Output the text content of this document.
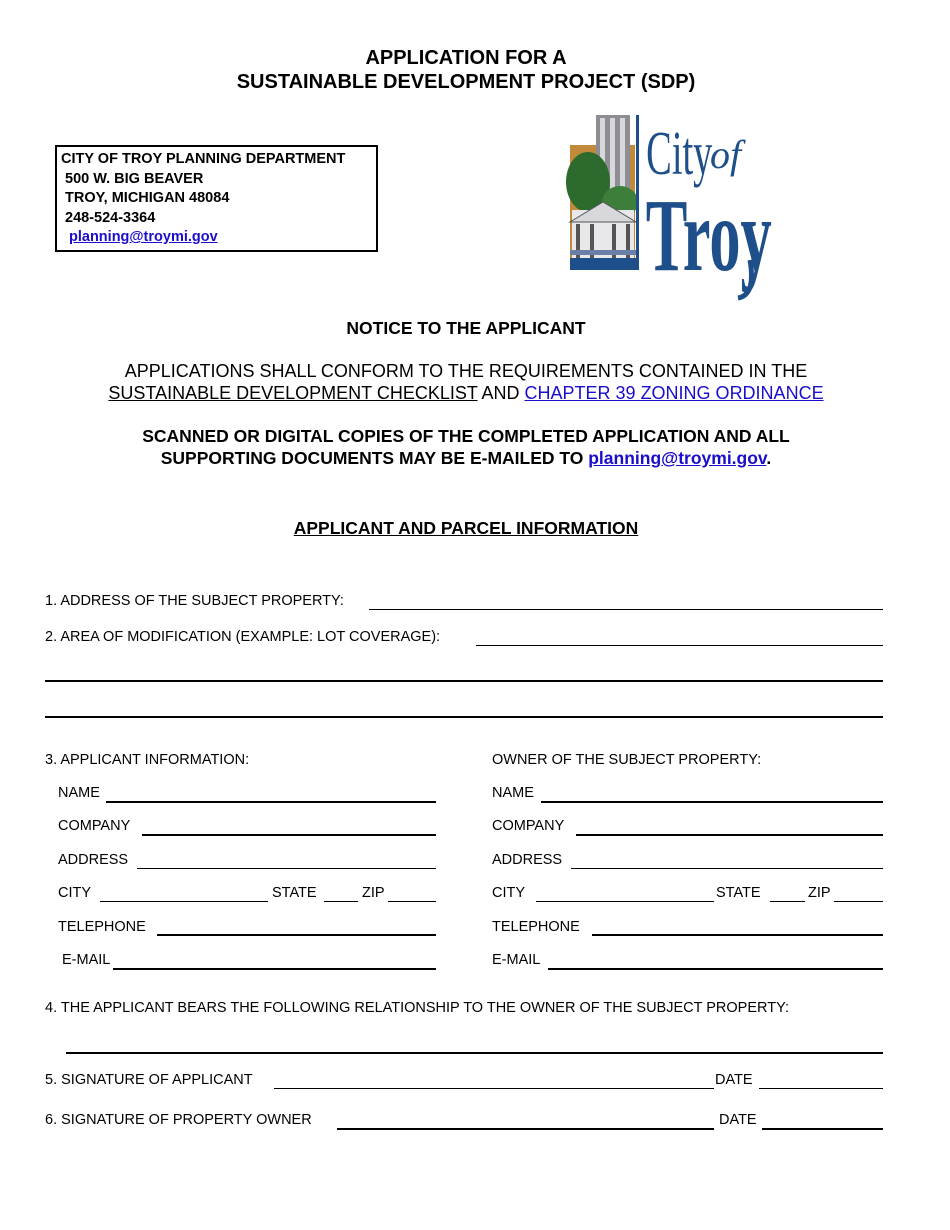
APPLICATION FOR A
SUSTAINABLE DEVELOPMENT PROJECT (SDP)
CITY OF TROY PLANNING DEPARTMENT
500 W. BIG BEAVER
TROY, MICHIGAN 48084
248-524-3364
planning@troymi.gov
City
of
Troy
NOTICE TO THE APPLICANT
APPLICATIONS SHALL CONFORM TO THE REQUIREMENTS CONTAINED IN THE
SUSTAINABLE DEVELOPMENT CHECKLIST AND CHAPTER 39 ZONING ORDINANCE
SCANNED OR DIGITAL COPIES OF THE COMPLETED APPLICATION AND ALL
SUPPORTING DOCUMENTS MAY BE E-MAILED TO planning@troymi.gov.
APPLICANT AND PARCEL INFORMATION
1. ADDRESS OF THE SUBJECT PROPERTY:
2. AREA OF MODIFICATION (EXAMPLE: LOT COVERAGE):
3. APPLICANT INFORMATION:
NAME
COMPANY
ADDRESS
CITY	STATE	ZIP
TELEPHONE
E-MAIL
OWNER OF THE SUBJECT PROPERTY:
NAME
COMPANY
ADDRESS
CITY	STATE	ZIP
TELEPHONE
E-MAIL
4. THE APPLICANT BEARS THE FOLLOWING RELATIONSHIP TO THE OWNER OF THE SUBJECT PROPERTY:
5. SIGNATURE OF APPLICANT	DATE
6. SIGNATURE OF PROPERTY OWNER	DATE
